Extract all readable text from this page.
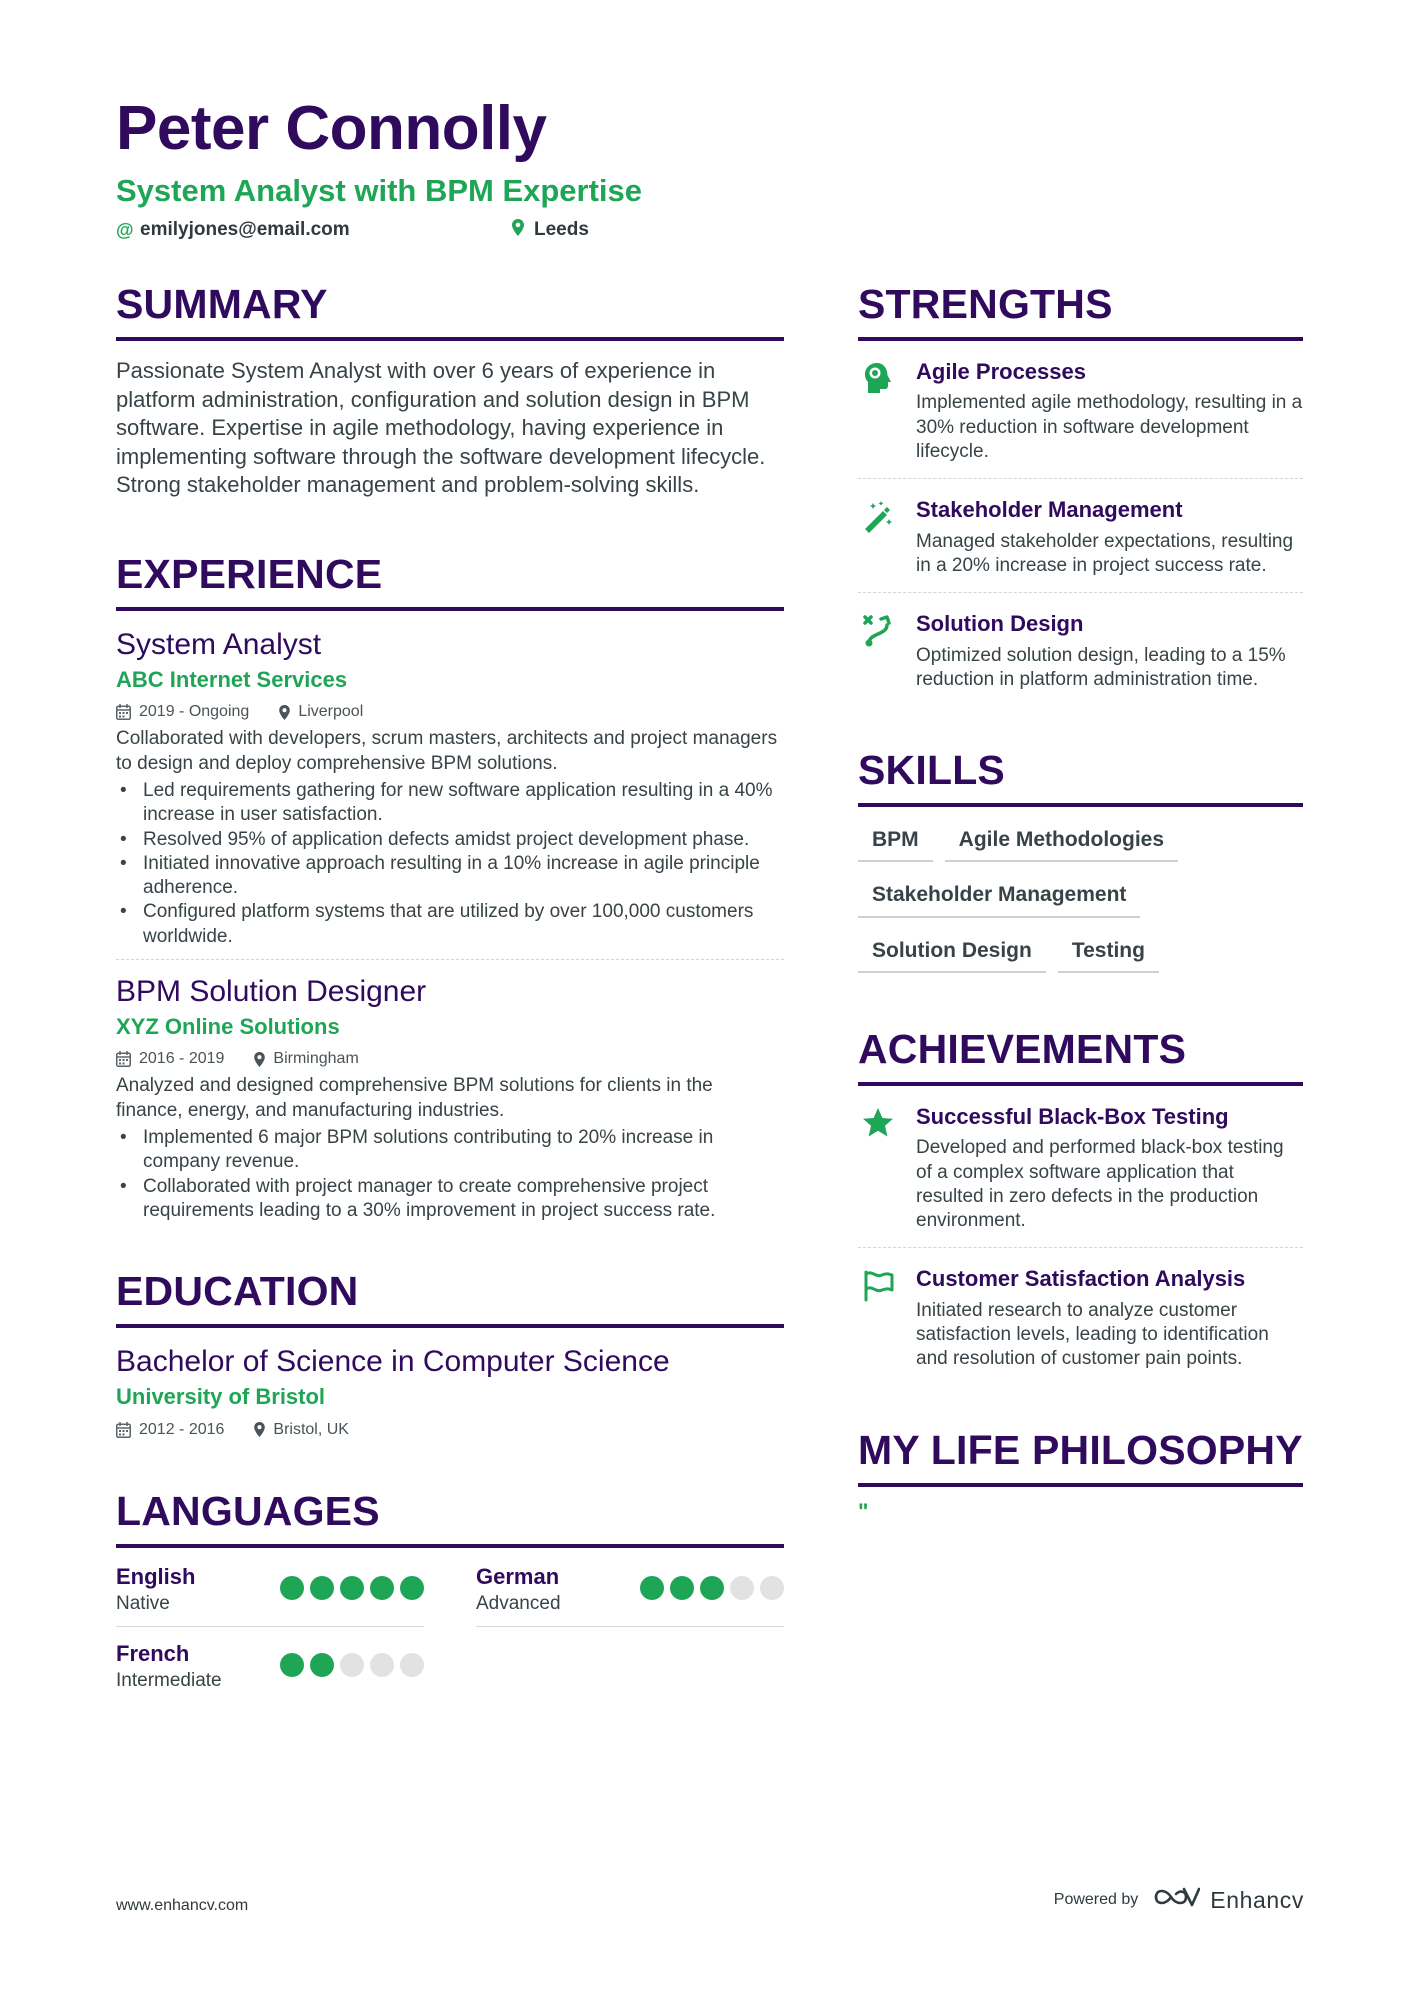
Peter Connolly
System Analyst with BPM Expertise
@ emilyjones@email.com	Leeds
SUMMARY
Passionate System Analyst with over 6 years of experience in platform administration, configuration and solution design in BPM software. Expertise in agile methodology, having experience in implementing software through the software development lifecycle. Strong stakeholder management and problem-solving skills.
EXPERIENCE
System Analyst
ABC Internet Services
2019 - Ongoing	Liverpool
Collaborated with developers, scrum masters, architects and project managers to design and deploy comprehensive BPM solutions.
• Led requirements gathering for new software application resulting in a 40% increase in user satisfaction.
• Resolved 95% of application defects amidst project development phase.
• Initiated innovative approach resulting in a 10% increase in agile principle adherence.
• Configured platform systems that are utilized by over 100,000 customers worldwide.
BPM Solution Designer
XYZ Online Solutions
2016 - 2019	Birmingham
Analyzed and designed comprehensive BPM solutions for clients in the finance, energy, and manufacturing industries.
• Implemented 6 major BPM solutions contributing to 20% increase in company revenue.
• Collaborated with project manager to create comprehensive project requirements leading to a 30% improvement in project success rate.
EDUCATION
Bachelor of Science in Computer Science
University of Bristol
2012 - 2016	Bristol, UK
LANGUAGES
English
Native
German
Advanced
French
Intermediate
STRENGTHS
Agile Processes
Implemented agile methodology, resulting in a 30% reduction in software development lifecycle.
Stakeholder Management
Managed stakeholder expectations, resulting in a 20% increase in project success rate.
Solution Design
Optimized solution design, leading to a 15% reduction in platform administration time.
SKILLS
BPM	Agile Methodologies
Stakeholder Management
Solution Design	Testing
ACHIEVEMENTS
Successful Black-Box Testing
Developed and performed black-box testing of a complex software application that resulted in zero defects in the production environment.
Customer Satisfaction Analysis
Initiated research to analyze customer satisfaction levels, leading to identification and resolution of customer pain points.
MY LIFE PHILOSOPHY
"
www.enhancv.com	Powered by	Enhancv
